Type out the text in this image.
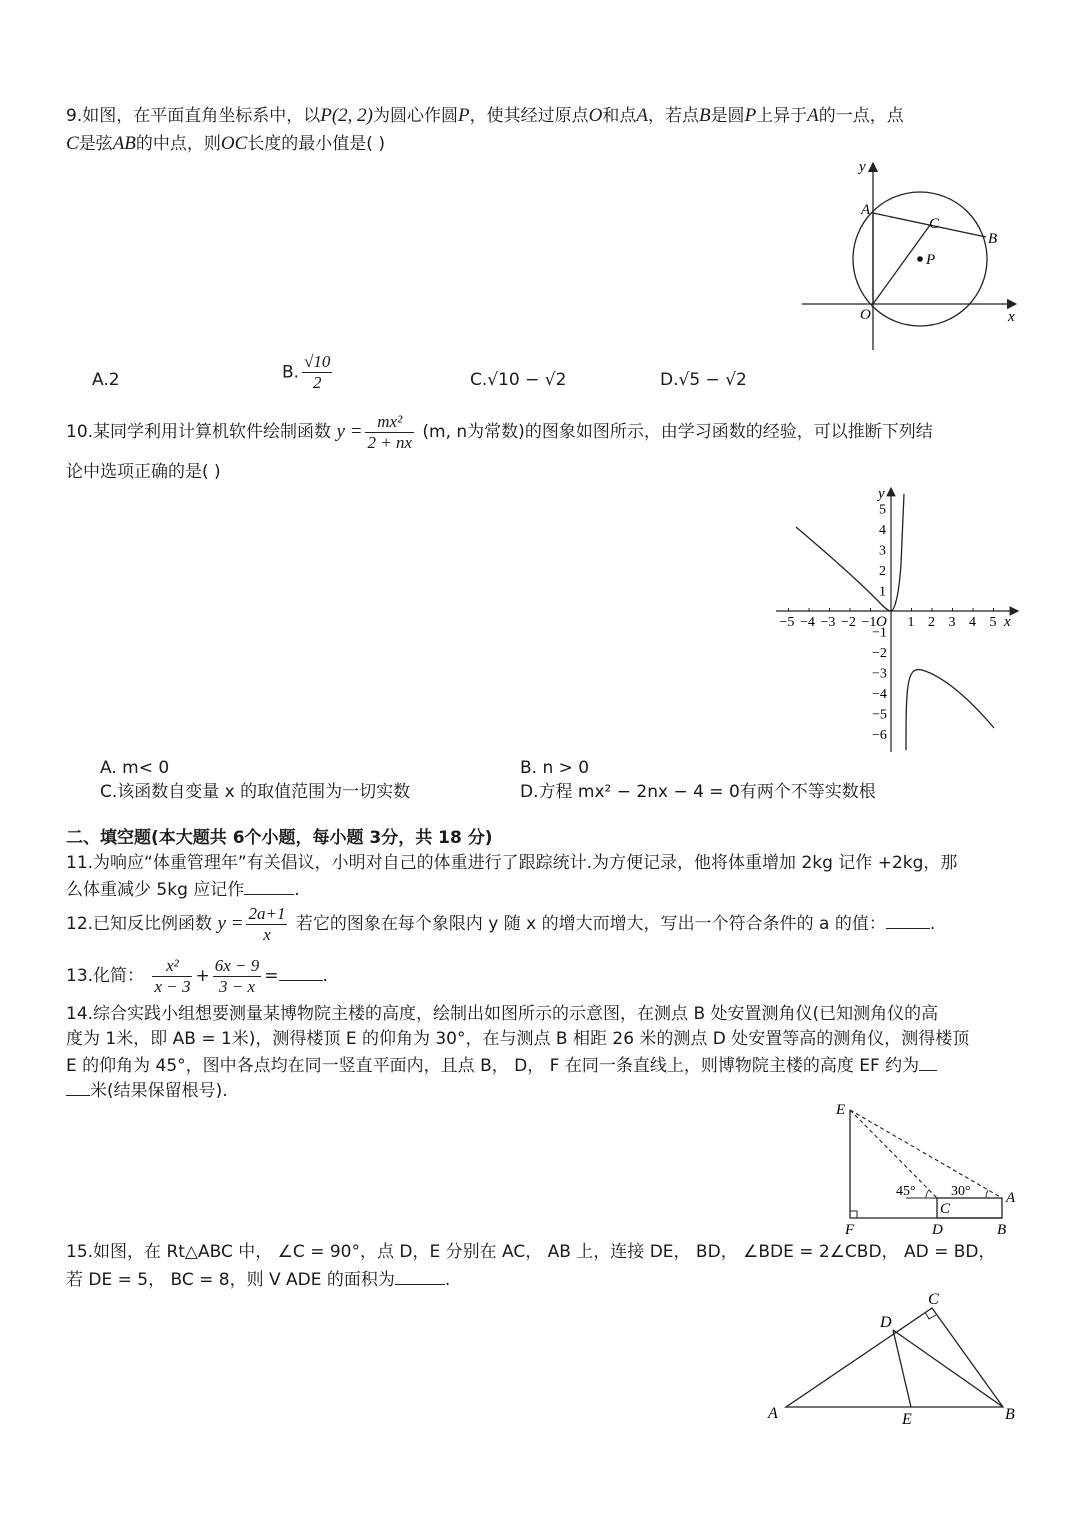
9.如图，在平面直角坐标系中，以P(2, 2)为圆心作圆P，使其经过原点O和点A，若点B是圆P上异于A的一点，点
C是弦AB的中点，则OC长度的最小值是( )
y
x
A
B
C
P
O
A.2	B. $\frac{√10}{2}$	C.√10 − √2	D.√5 − √2
10.某同学利用计算机软件绘制函数 $y = \frac{\text{mx²}}{2 + nx} (m$, n为常数)的图象如图所示，由学习函数的经验，可以推断下列结
论中选项正确的是( )
y
x
O
−5 −4 −3 −2 −1 1 2 3 4 5
1
2
3
4
5
−1
−2
−3
−4
−5
−6
A. m< 0	B. n > 0
C.该函数自变量 x 的取值范围为一切实数	D.方程 mx² − 2nx − 4 = 0有两个不等实数根
二、填空题(本大题共 6个小题，每小题 3分，共 18 分)
11.为响应“体重管理年”有关倡议，小明对自己的体重进行了跟踪统计.为方便记录，他将体重增加 2kg 记作 +2kg，那
么体重减少 5kg 应记作	.
12.已知反比例函数 $y = \frac{2a+1}{x}$ 若它的图象在每个象限内 y 随 x 的增大而增大，写出一个符合条件的 a 的值：	.
13.化简： $\frac{\text{x²}}{x - 3} + \frac{6x - 9}{3 - x}$ =	.
14.综合实践小组想要测量某博物院主楼的高度，绘制出如图所示的示意图，在测点 B 处安置测角仪(已知测角仪的高
度为 1米，即 AB = 1米)，测得楼顶 E 的仰角为 30°，在与测点 B 相距 26 米的测点 D 处安置等高的测角仪，测得楼顶
E 的仰角为 45°，图中各点均在同一竖直平面内，且点 B， D， F 在同一条直线上，则博物院主楼的高度 EF 约为
米(结果保留根号).
E
F	D	B
A
C
45°	30°
15.如图，在 Rt△ABC 中， ∠C = 90°，点 D，E 分别在 AC， AB 上，连接 DE， BD， ∠BDE = 2∠CBD， AD = BD，
若 DE = 5， BC = 8，则 V ADE 的面积为	.
A	B
C
D
E
